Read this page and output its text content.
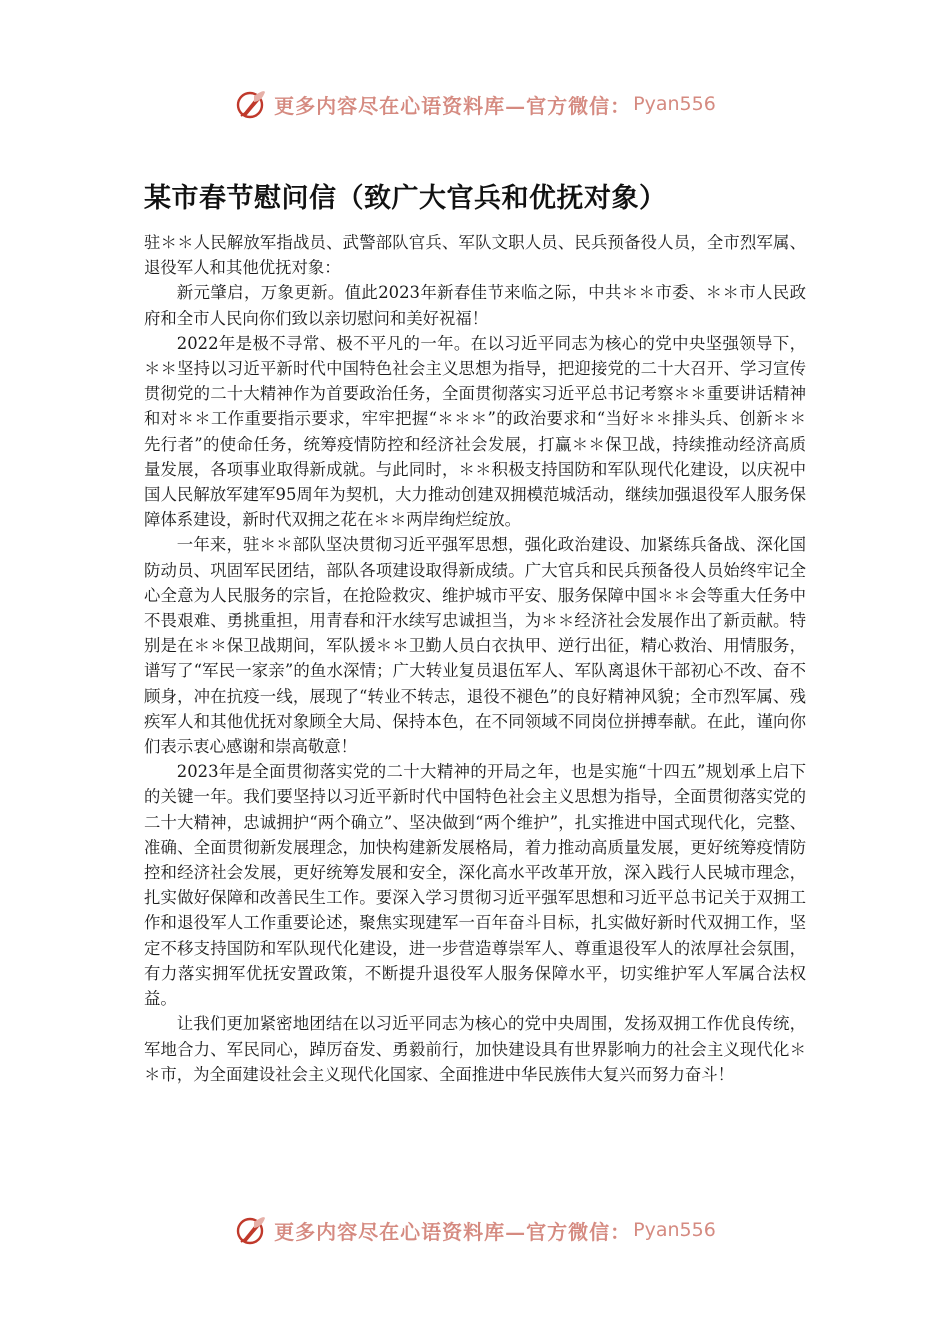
更多内容尽在心语资料库—官方微信： Pyan556
某市春节慰问信（致广大官兵和优抚对象）

驻＊＊人民解放军指战员、武警部队官兵、军队文职人员、民兵预备役人员，全市烈军属、退役军人和其他优抚对象：

新元肇启，万象更新。值此2023年新春佳节来临之际，中共＊＊市委、＊＊市人民政府和全市人民向你们致以亲切慰问和美好祝福！

2022年是极不寻常、极不平凡的一年。在以习近平同志为核心的党中央坚强领导下，＊＊坚持以习近平新时代中国特色社会主义思想为指导，把迎接党的二十大召开、学习宣传贯彻党的二十大精神作为首要政治任务，全面贯彻落实习近平总书记考察＊＊重要讲话精神和对＊＊工作重要指示要求，牢牢把握“＊＊＊”的政治要求和“当好＊＊排头兵、创新＊＊先行者”的使命任务，统筹疫情防控和经济社会发展，打赢＊＊保卫战，持续推动经济高质量发展，各项事业取得新成就。与此同时，＊＊积极支持国防和军队现代化建设，以庆祝中国人民解放军建军95周年为契机，大力推动创建双拥模范城活动，继续加强退役军人服务保障体系建设，新时代双拥之花在＊＊两岸绚烂绽放。

一年来，驻＊＊部队坚决贯彻习近平强军思想，强化政治建设、加紧练兵备战、深化国防动员、巩固军民团结，部队各项建设取得新成绩。广大官兵和民兵预备役人员始终牢记全心全意为人民服务的宗旨，在抢险救灾、维护城市平安、服务保障中国＊＊会等重大任务中不畏艰难、勇挑重担，用青春和汗水续写忠诚担当，为＊＊经济社会发展作出了新贡献。特别是在＊＊保卫战期间，军队援＊＊卫勤人员白衣执甲、逆行出征，精心救治、用情服务，谱写了“军民一家亲”的鱼水深情；广大转业复员退伍军人、军队离退休干部初心不改、奋不顾身，冲在抗疫一线，展现了“转业不转志，退役不褪色”的良好精神风貌；全市烈军属、残疾军人和其他优抚对象顾全大局、保持本色，在不同领域不同岗位拼搏奉献。在此，谨向你们表示衷心感谢和崇高敬意！

2023年是全面贯彻落实党的二十大精神的开局之年，也是实施“十四五”规划承上启下的关键一年。我们要坚持以习近平新时代中国特色社会主义思想为指导，全面贯彻落实党的二十大精神，忠诚拥护“两个确立”、坚决做到“两个维护”，扎实推进中国式现代化，完整、准确、全面贯彻新发展理念，加快构建新发展格局，着力推动高质量发展，更好统筹疫情防控和经济社会发展，更好统筹发展和安全，深化高水平改革开放，深入践行人民城市理念，扎实做好保障和改善民生工作。要深入学习贯彻习近平强军思想和习近平总书记关于双拥工作和退役军人工作重要论述，聚焦实现建军一百年奋斗目标，扎实做好新时代双拥工作，坚定不移支持国防和军队现代化建设，进一步营造尊崇军人、尊重退役军人的浓厚社会氛围，有力落实拥军优抚安置政策，不断提升退役军人服务保障水平，切实维护军人军属合法权益。

让我们更加紧密地团结在以习近平同志为核心的党中央周围，发扬双拥工作优良传统，军地合力、军民同心，踔厉奋发、勇毅前行，加快建设具有世界影响力的社会主义现代化＊＊市，为全面建设社会主义现代化国家、全面推进中华民族伟大复兴而努力奋斗！

更多内容尽在心语资料库—官方微信： Pyan556
